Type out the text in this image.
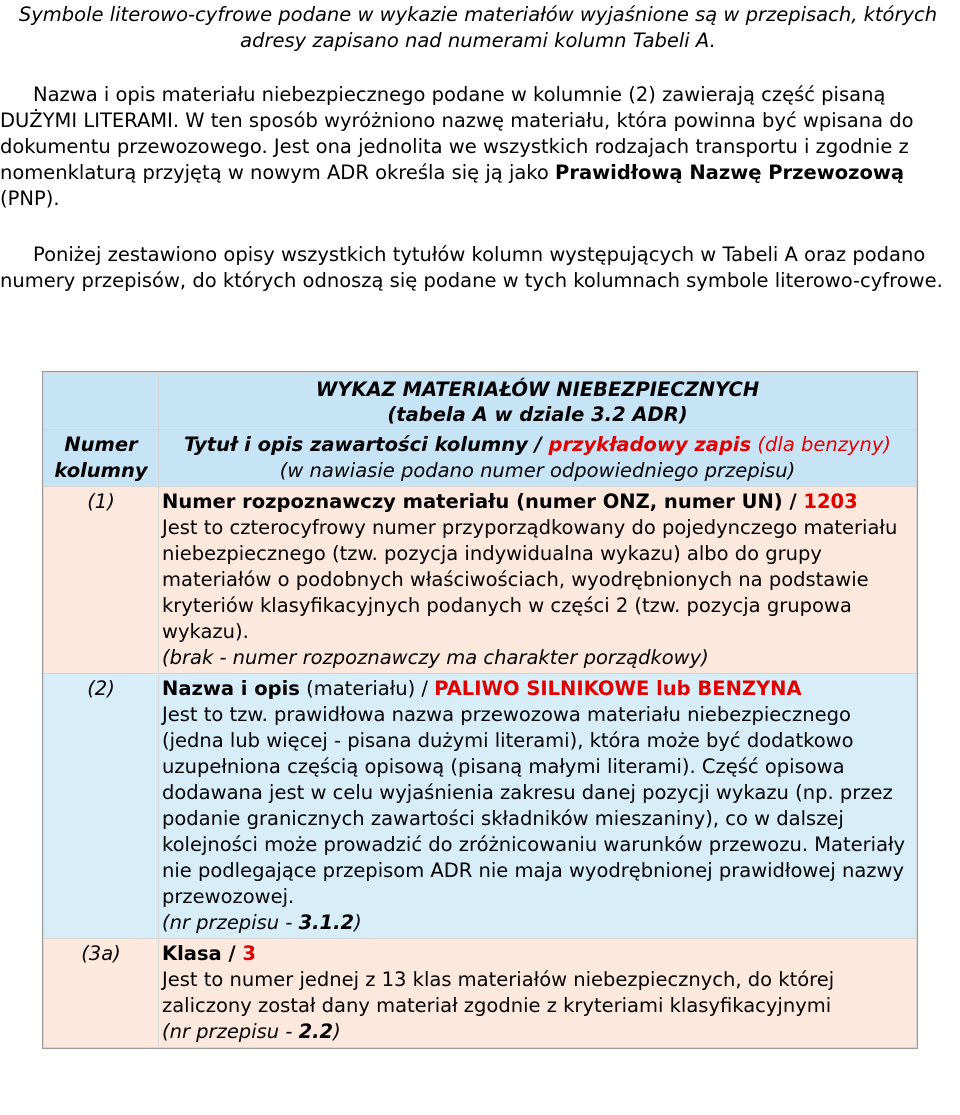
Symbole literowo-cyfrowe podane w wykazie materiałów wyjaśnione są w przepisach, których adresy zapisano nad numerami kolumn Tabeli A.

Nazwa i opis materiału niebezpiecznego podane w kolumnie (2) zawierają część pisaną DUŻYMI LITERAMI. W ten sposób wyróżniono nazwę materiału, która powinna być wpisana do dokumentu przewozowego. Jest ona jednolita we wszystkich rodzajach transportu i zgodnie z nomenklaturą przyjętą w nowym ADR określa się ją jako Prawidłową Nazwę Przewozową (PNP).

Poniżej zestawiono opisy wszystkich tytułów kolumn występujących w Tabeli A oraz podano numery przepisów, do których odnoszą się podane w tych kolumnach symbole literowo-cyfrowe.

	WYKAZ MATERIAŁÓW NIEBEZPIECZNYCH
(tabela A w dziale 3.2 ADR)

Numer kolumny	Tytuł i opis zawartości kolumny / przykładowy zapis (dla benzyny)
(w nawiasie podano numer odpowiedniego przepisu)

(1)	Numer rozpoznawczy materiału (numer ONZ, numer UN) / 1203
Jest to czterocyfrowy numer przyporządkowany do pojedynczego materiału niebezpiecznego (tzw. pozycja indywidualna wykazu) albo do grupy materiałów o podobnych właściwościach, wyodrębnionych na podstawie kryteriów klasyfikacyjnych podanych w części 2 (tzw. pozycja grupowa wykazu).
(brak - numer rozpoznawczy ma charakter porządkowy)

(2)	Nazwa i opis (materiału) / PALIWO SILNIKOWE lub BENZYNA
Jest to tzw. prawidłowa nazwa przewozowa materiału niebezpiecznego (jedna lub więcej - pisana dużymi literami), która może być dodatkowo uzupełniona częścią opisową (pisaną małymi literami). Część opisowa dodawana jest w celu wyjaśnienia zakresu danej pozycji wykazu (np. przez podanie granicznych zawartości składników mieszaniny), co w dalszej kolejności może prowadzić do zróżnicowaniu warunków przewozu. Materiały nie podlegające przepisom ADR nie maja wyodrębnionej prawidłowej nazwy przewozowej.
(nr przepisu - 3.1.2)

(3a)	Klasa / 3
Jest to numer jednej z 13 klas materiałów niebezpiecznych, do której zaliczony został dany materiał zgodnie z kryteriami klasyfikacyjnymi
(nr przepisu - 2.2)
